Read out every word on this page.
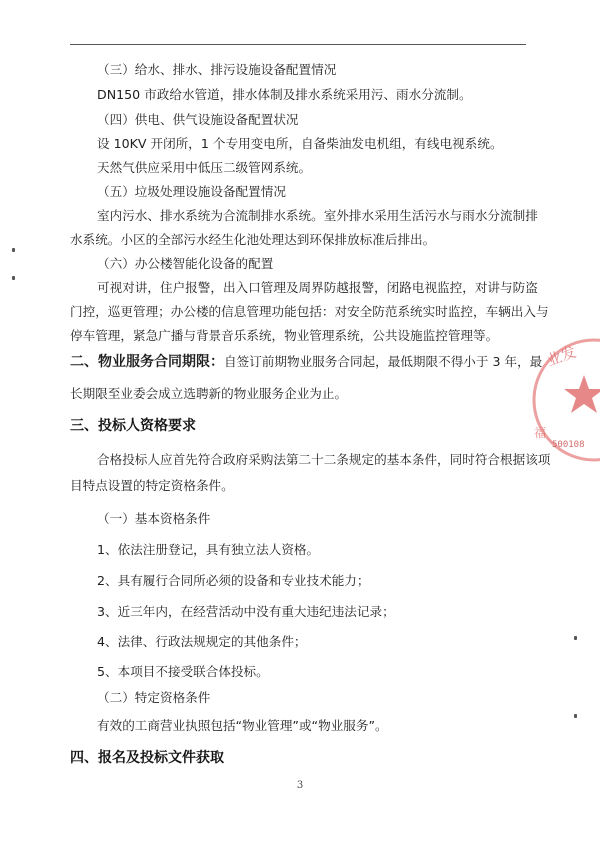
（三）给水、排水、排污设施设备配置情况
DN150 市政给水管道，排水体制及排水系统采用污、雨水分流制。
（四）供电、供气设施设备配置状况
设 10KV 开闭所，1 个专用变电所，自备柴油发电机组，有线电视系统。
天然气供应采用中低压二级管网系统。
（五）垃圾处理设施设备配置情况
室内污水、排水系统为合流制排水系统。室外排水采用生活污水与雨水分流制排
水系统。小区的全部污水经生化池处理达到环保排放标准后排出。
（六）办公楼智能化设备的配置
可视对讲，住户报警，出入口管理及周界防越报警，闭路电视监控，对讲与防盗
门控，巡更管理；办公楼的信息管理功能包括：对安全防范系统实时监控，车辆出入与
停车管理，紧急广播与背景音乐系统，物业管理系统，公共设施监控管理等。
长期限至业委会成立选聘新的物业服务企业为止。
合格投标人应首先符合政府采购法第二十二条规定的基本条件，同时符合根据该项
目特点设置的特定资格条件。
（一）基本资格条件
1、依法注册登记，具有独立法人资格。
2、具有履行合同所必须的设备和专业技术能力；
3、近三年内，在经营活动中没有重大违纪违法记录；
4、法律、行政法规规定的其他条件；
5、本项目不接受联合体投标。
（二）特定资格条件
有效的工商营业执照包括“物业管理”或“物业服务”。
二、物业服务合同期限：自签订前期物业服务合同起，最低期限不得小于 3 年，最
三、投标人资格要求
四、报名及投标文件获取
3
业发
福
500108
